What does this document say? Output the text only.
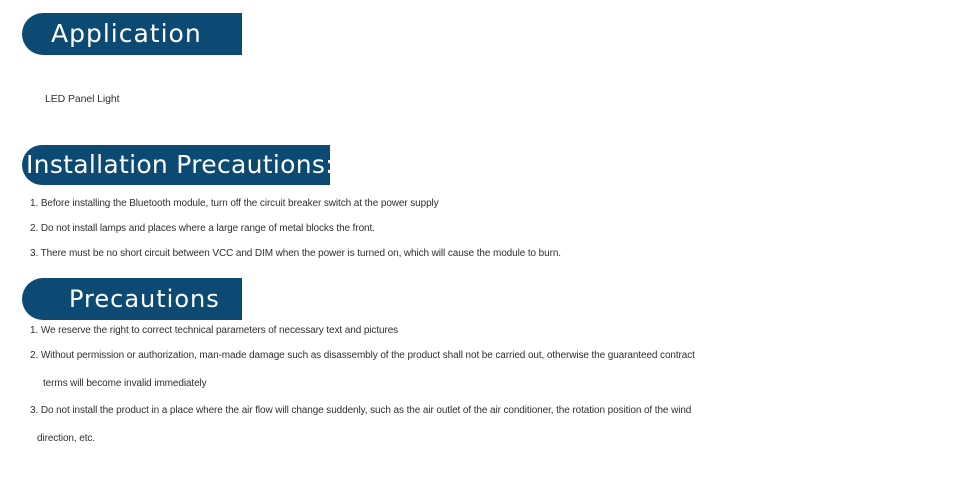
Application
LED Panel Light
Installation Precautions:
1. Before installing the Bluetooth module, turn off the circuit breaker switch at the power supply
2. Do not install lamps and places where a large range of metal blocks the front.
3. There must be no short circuit between VCC and DIM when the power is turned on, which will cause the module to burn.
Precautions
1. We reserve the right to correct technical parameters of necessary text and pictures
2. Without permission or authorization, man-made damage such as disassembly of the product shall not be carried out, otherwise the guaranteed contract
terms will become invalid immediately
3. Do not install the product in a place where the air flow will change suddenly, such as the air outlet of the air conditioner, the rotation position of the wind
direction, etc.
